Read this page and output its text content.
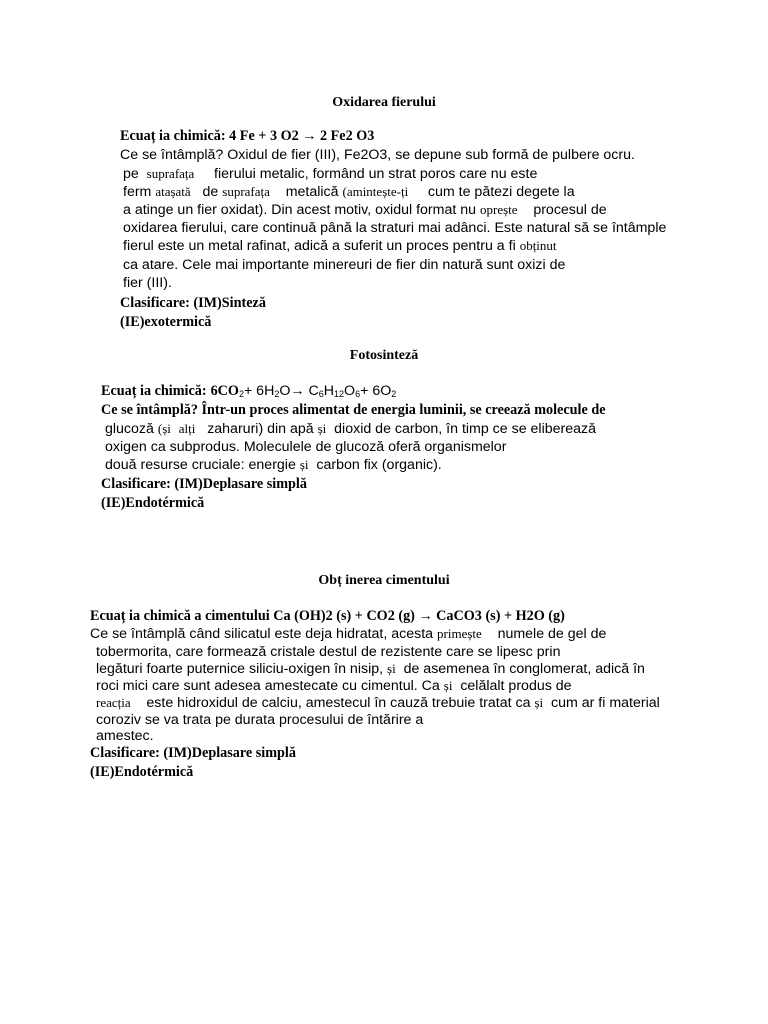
Oxidarea fierului
Ecuaț ia chimică: 4 Fe + 3 O2 → 2 Fe2 O3
Ce se întâmplă? Oxidul de fier (III), Fe2O3, se depune sub formă de pulbere ocru.
pe suprafața fierului metalic, formând un strat poros care nu este
ferm atașată de suprafața metalică (amintește-ți cum te pătezi degete la
a atinge un fier oxidat). Din acest motiv, oxidul format nu oprește procesul de
oxidarea fierului, care continuă până la straturi mai adânci. Este natural să se întâmple
fierul este un metal rafinat, adică a suferit un proces pentru a fi obținut
ca atare. Cele mai importante minereuri de fier din natură sunt oxizi de
fier (III).
Clasificare: (IM)Sinteză
(IE)exotermică
Fotosinteză
Ecuaț ia chimică: $6CO_2+ 6H_2O\to C_6H_{12}O_6+ 6O_2$
Ce se întâmplă? Într-un proces alimentat de energia luminii, se creează molecule de
glucoză (și alți zaharuri) din apă și dioxid de carbon, în timp ce se eliberează
oxigen ca subprodus. Moleculele de glucoză oferă organismelor
două resurse cruciale: energie și carbon fix (organic).
Clasificare: (IM)Deplasare simplă
(IE)Endotérmică
Obț inerea cimentului
Ecuaț ia chimică a cimentului Ca (OH)2 (s) + CO2 (g) → CaCO3 (s) + H2O (g)
Ce se întâmplă când silicatul este deja hidratat, acesta primește numele de gel de
tobermorita, care formează cristale destul de rezistente care se lipesc prin
legături foarte puternice siliciu-oxigen în nisip, și de asemenea în conglomerat, adică în
roci mici care sunt adesea amestecate cu cimentul. Ca și celălalt produs de
reacția este hidroxidul de calciu, amestecul în cauză trebuie tratat ca și cum ar fi material
coroziv se va trata pe durata procesului de întărire a
amestec.
Clasificare: (IM)Deplasare simplă
(IE)Endotérmică
